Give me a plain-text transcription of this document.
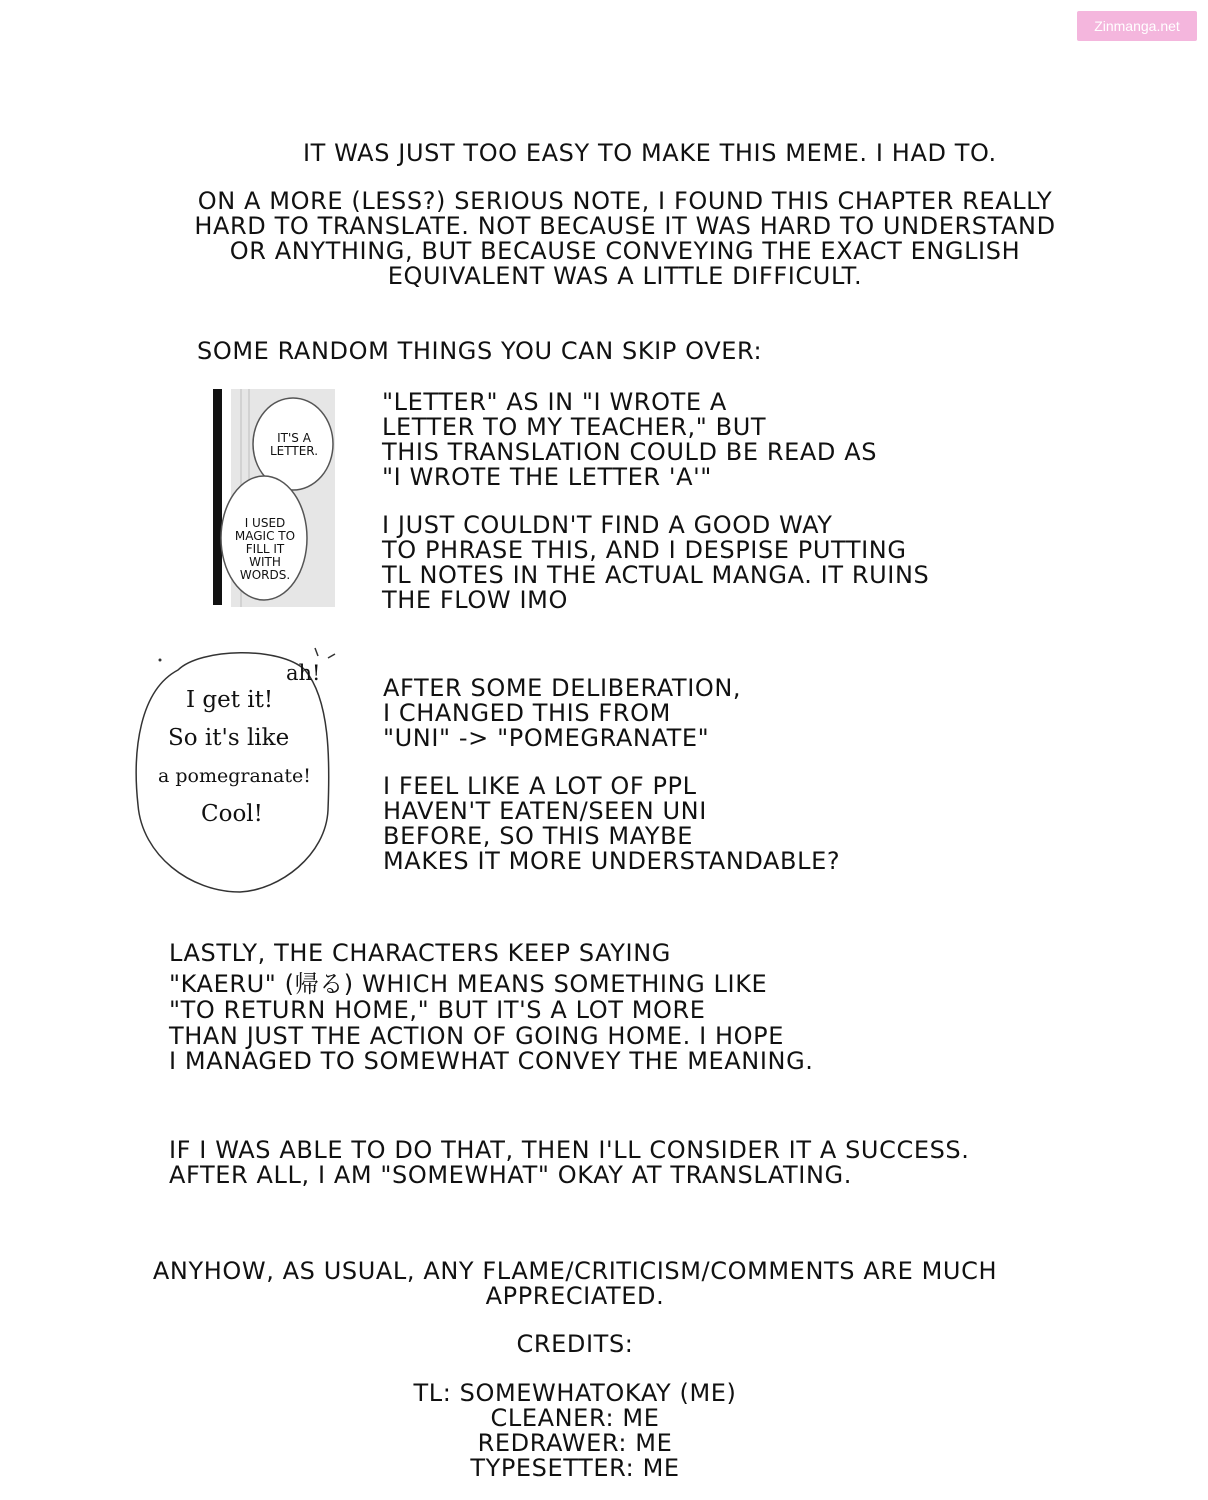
Zinmanga.net
IT WAS JUST TOO EASY TO MAKE THIS MEME. I HAD TO.
ON A MORE (LESS?) SERIOUS NOTE, I FOUND THIS CHAPTER REALLY
HARD TO TRANSLATE. NOT BECAUSE IT WAS HARD TO UNDERSTAND
OR ANYTHING, BUT BECAUSE CONVEYING THE EXACT ENGLISH
EQUIVALENT WAS A LITTLE DIFFICULT.
SOME RANDOM THINGS YOU CAN SKIP OVER:
IT'S A
LETTER.
I USED
MAGIC TO
FILL IT
WITH
WORDS.
"LETTER" AS IN "I WROTE A
LETTER TO MY TEACHER," BUT
THIS TRANSLATION COULD BE READ AS
"I WROTE THE LETTER 'A'"
I JUST COULDN'T FIND A GOOD WAY
TO PHRASE THIS, AND I DESPISE PUTTING
TL NOTES IN THE ACTUAL MANGA. IT RUINS
THE FLOW IMO
ah!
I get it!
So it's like
a pomegranate!
Cool!
AFTER SOME DELIBERATION,
I CHANGED THIS FROM
"UNI" -> "POMEGRANATE"
I FEEL LIKE A LOT OF PPL
HAVEN'T EATEN/SEEN UNI
BEFORE, SO THIS MAYBE
MAKES IT MORE UNDERSTANDABLE?
LASTLY, THE CHARACTERS KEEP SAYING
"KAERU" (帰る) WHICH MEANS SOMETHING LIKE
"TO RETURN HOME," BUT IT'S A LOT MORE
THAN JUST THE ACTION OF GOING HOME. I HOPE
I MANAGED TO SOMEWHAT CONVEY THE MEANING.
IF I WAS ABLE TO DO THAT, THEN I'LL CONSIDER IT A SUCCESS.
AFTER ALL, I AM "SOMEWHAT" OKAY AT TRANSLATING.
ANYHOW, AS USUAL, ANY FLAME/CRITICISM/COMMENTS ARE MUCH
APPRECIATED.
CREDITS:
TL: SOMEWHATOKAY (ME)
CLEANER: ME
REDRAWER: ME
TYPESETTER: ME
